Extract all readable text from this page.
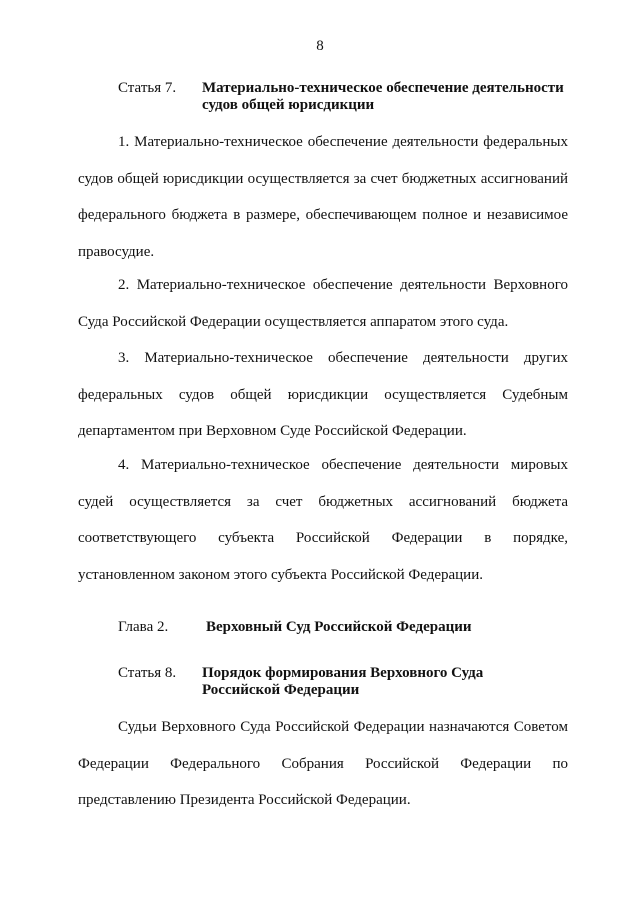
8
Статья 7. Материально-техническое обеспечение деятельности
судов общей юрисдикции

1. Материально-техническое обеспечение деятельности федеральных судов общей юрисдикции осуществляется за счет бюджетных ассигнований федерального бюджета в размере, обеспечивающем полное и независимое правосудие.

2. Материально-техническое обеспечение деятельности Верховного Суда Российской Федерации осуществляется аппаратом этого суда.

3. Материально-техническое обеспечение деятельности других федеральных судов общей юрисдикции осуществляется Судебным департаментом при Верховном Суде Российской Федерации.

4. Материально-техническое обеспечение деятельности мировых судей осуществляется за счет бюджетных ассигнований бюджета соответствующего субъекта Российской Федерации в порядке, установленном законом этого субъекта Российской Федерации.

Глава 2.	Верховный Суд Российской Федерации
Статья 8. Порядок формирования Верховного Суда
Российской Федерации

Судьи Верховного Суда Российской Федерации назначаются Советом Федерации Федерального Собрания Российской Федерации по представлению Президента Российской Федерации.
